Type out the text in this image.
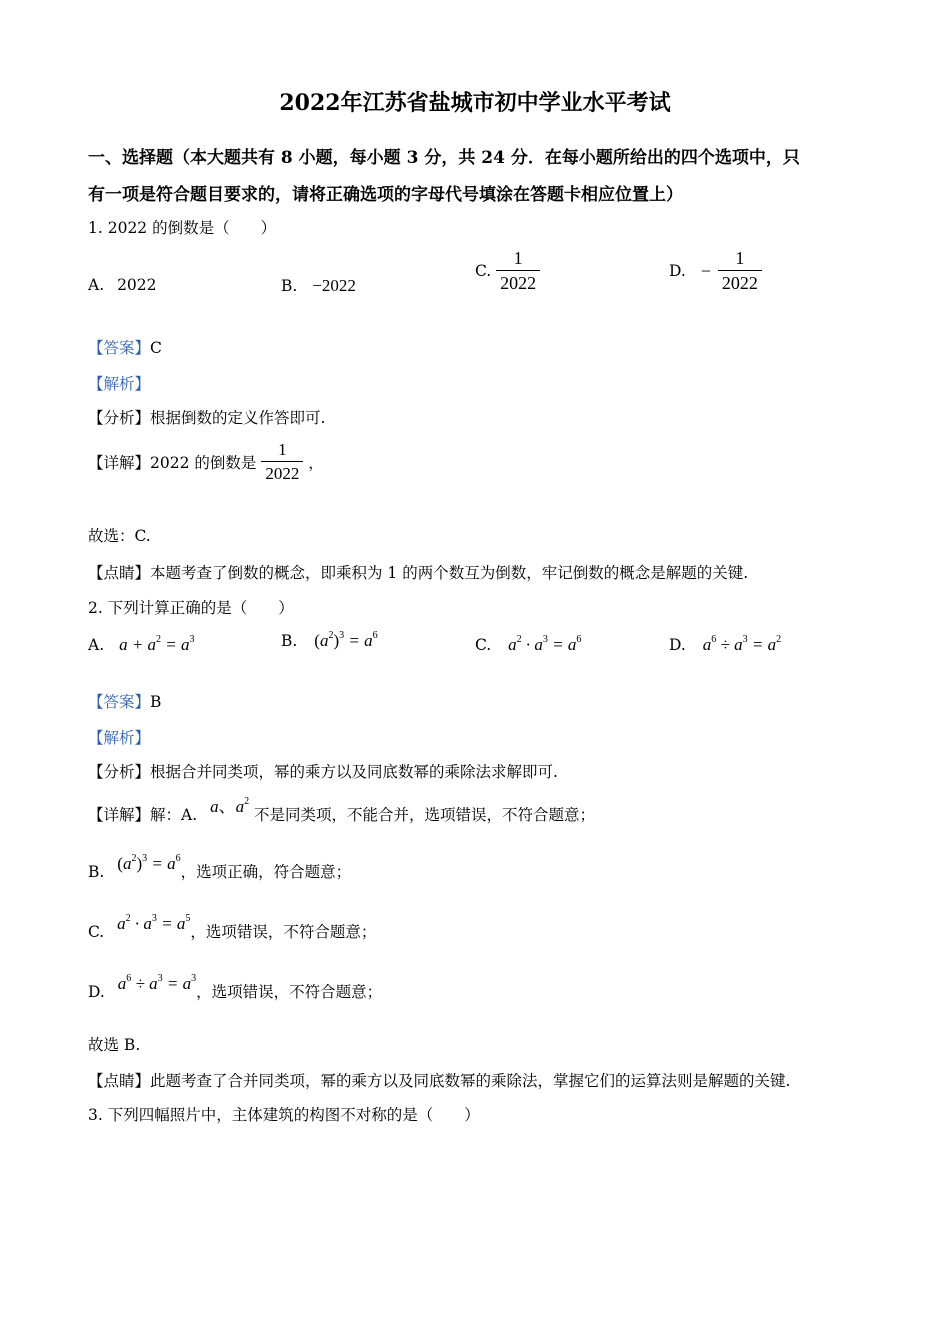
2022年江苏省盐城市初中学业水平考试
一、选择题（本大题共有 8 小题，每小题 3 分，共 24 分．在每小题所给出的四个选项中，只
有一项是符合题目要求的，请将正确选项的字母代号填涂在答题卡相应位置上）
1. 2022 的倒数是（　　）
A. 2022	B. −2022
C. $\frac{1}{2022}$	D. − $\frac{1}{2022}$
【答案】C
【解析】
【分析】根据倒数的定义作答即可.
【详解】2022 的倒数是 $\frac{1}{2022}$ ，
故选：C.
【点睛】本题考查了倒数的概念，即乘积为 1 的两个数互为倒数，牢记倒数的概念是解题的关键.
2. 下列计算正确的是（　　）
A. $a + a^2 = a^3$	B. $(a^2)^3 = a^6$
C. $a^2 \cdot a^3 = a^6$	D. $a^6 \div a^3 = a^2$
【答案】B
【解析】
【分析】根据合并同类项，幂的乘方以及同底数幂的乘除法求解即可.
【详解】解：A. a、$a^2$ 不是同类项，不能合并，选项错误，不符合题意；
B. $(a^2)^3 = a^6$，选项正确，符合题意；
C. $a^2 \cdot a^3 = a^5$，选项错误，不符合题意；
D. $a^6 \div a^3 = a^3$，选项错误，不符合题意；
故选 B.
【点睛】此题考查了合并同类项，幂的乘方以及同底数幂的乘除法，掌握它们的运算法则是解题的关键.
3. 下列四幅照片中，主体建筑的构图不对称的是（　　）
